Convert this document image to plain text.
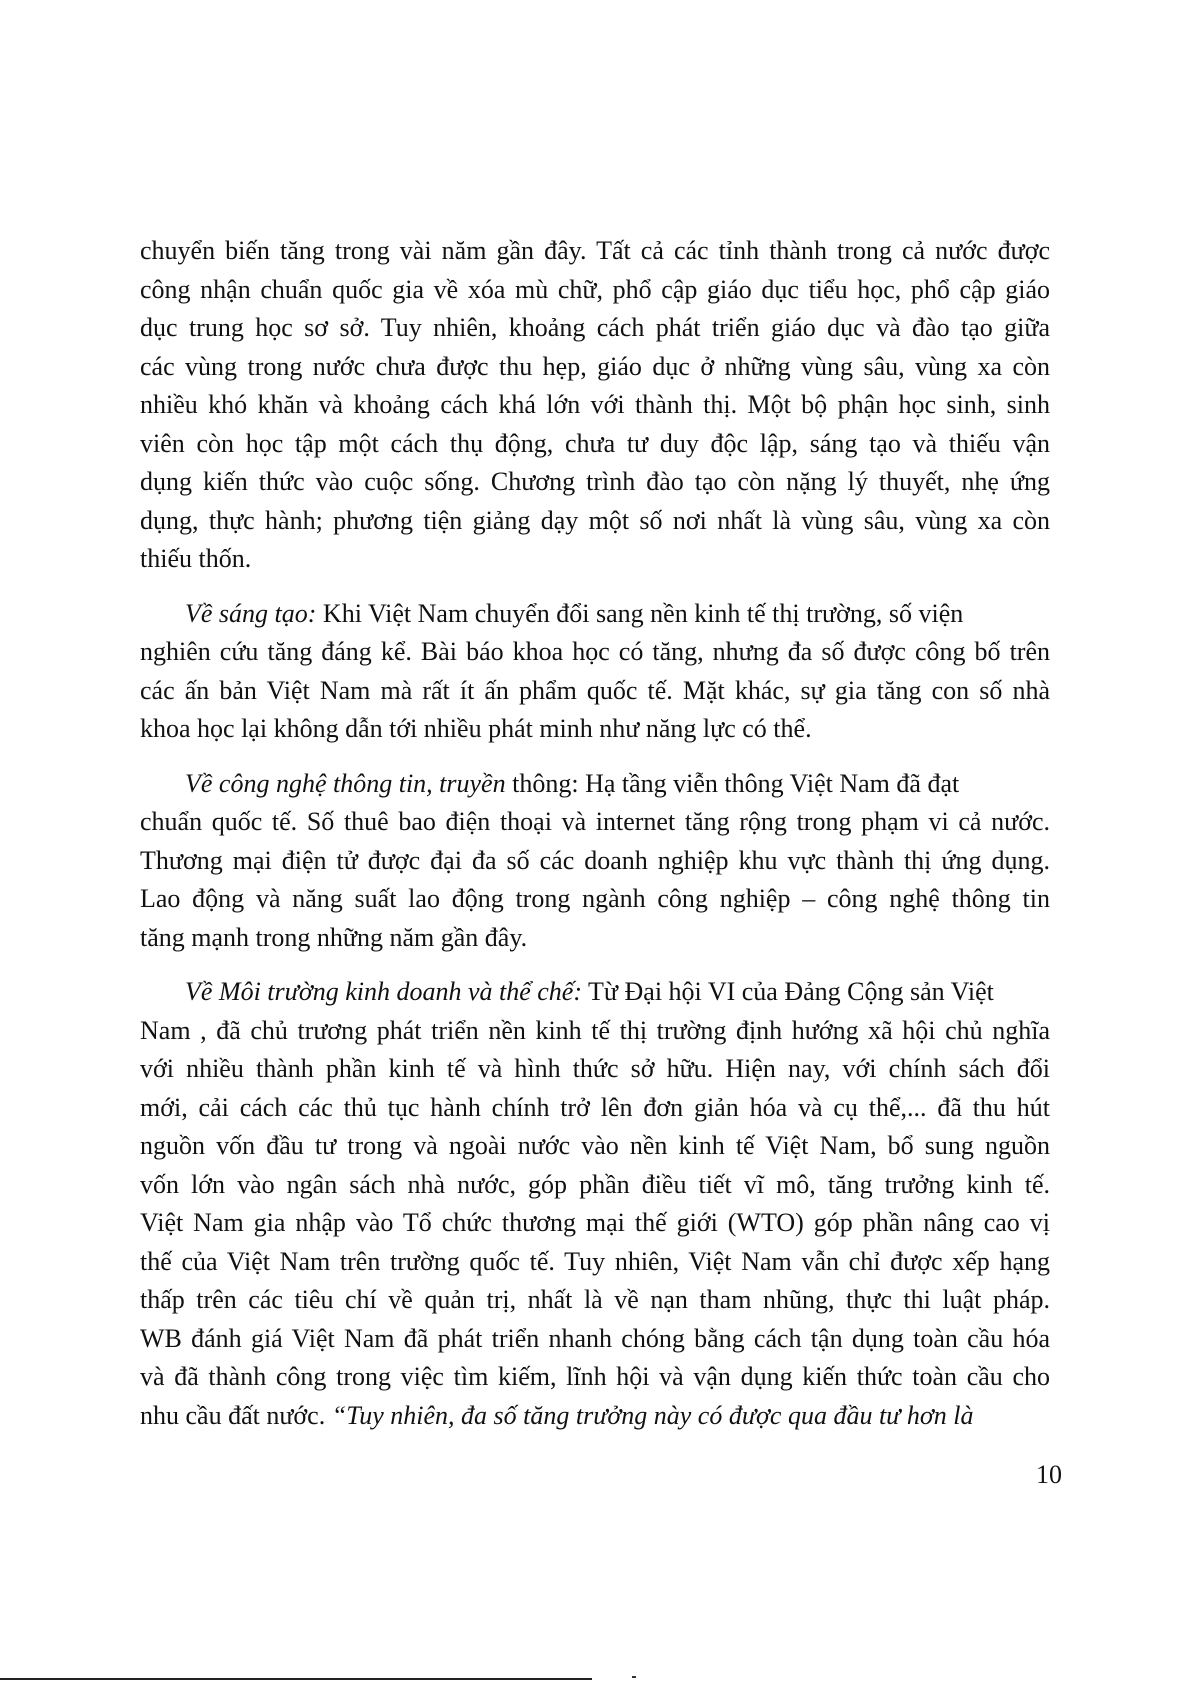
chuyển biến tăng trong vài năm gần đây. Tất cả các tỉnh thành trong cả nước được
công nhận chuẩn quốc gia về xóa mù chữ, phổ cập giáo dục tiểu học, phổ cập giáo
dục trung học sơ sở. Tuy nhiên, khoảng cách phát triển giáo dục và đào tạo giữa
các vùng trong nước chưa được thu hẹp, giáo dục ở những vùng sâu, vùng xa còn
nhiều khó khăn và khoảng cách khá lớn với thành thị. Một bộ phận học sinh, sinh
viên còn học tập một cách thụ động, chưa tư duy độc lập, sáng tạo và thiếu vận
dụng kiến thức vào cuộc sống. Chương trình đào tạo còn nặng lý thuyết, nhẹ ứng
dụng, thực hành; phương tiện giảng dạy một số nơi nhất là vùng sâu, vùng xa còn
thiếu thốn.
Về sáng tạo: Khi Việt Nam chuyển đổi sang nền kinh tế thị trường, số viện
nghiên cứu tăng đáng kể. Bài báo khoa học có tăng, nhưng đa số được công bố trên
các ấn bản Việt Nam mà rất ít ấn phẩm quốc tế. Mặt khác, sự gia tăng con số nhà
khoa học lại không dẫn tới nhiều phát minh như năng lực có thể.
Về công nghệ thông tin, truyền thông: Hạ tầng viễn thông Việt Nam đã đạt
chuẩn quốc tế. Số thuê bao điện thoại và internet tăng rộng trong phạm vi cả nước.
Thương mại điện tử được đại đa số các doanh nghiệp khu vực thành thị ứng dụng.
Lao động và năng suất lao động trong ngành công nghiệp – công nghệ thông tin
tăng mạnh trong những năm gần đây.
Về Môi trường kinh doanh và thể chế: Từ Đại hội VI của Đảng Cộng sản Việt
Nam , đã chủ trương phát triển nền kinh tế thị trường định hướng xã hội chủ nghĩa
với nhiều thành phần kinh tế và hình thức sở hữu. Hiện nay, với chính sách đổi
mới, cải cách các thủ tục hành chính trở lên đơn giản hóa và cụ thể,... đã thu hút
nguồn vốn đầu tư trong và ngoài nước vào nền kinh tế Việt Nam, bổ sung nguồn
vốn lớn vào ngân sách nhà nước, góp phần điều tiết vĩ mô, tăng trưởng kinh tế.
Việt Nam gia nhập vào Tổ chức thương mại thế giới (WTO) góp phần nâng cao vị
thế của Việt Nam trên trường quốc tế. Tuy nhiên, Việt Nam vẫn chỉ được xếp hạng
thấp trên các tiêu chí về quản trị, nhất là về nạn tham nhũng, thực thi luật pháp.
WB đánh giá Việt Nam đã phát triển nhanh chóng bằng cách tận dụng toàn cầu hóa
và đã thành công trong việc tìm kiếm, lĩnh hội và vận dụng kiến thức toàn cầu cho
nhu cầu đất nước. “Tuy nhiên, đa số tăng trưởng này có được qua đầu tư hơn là
10
